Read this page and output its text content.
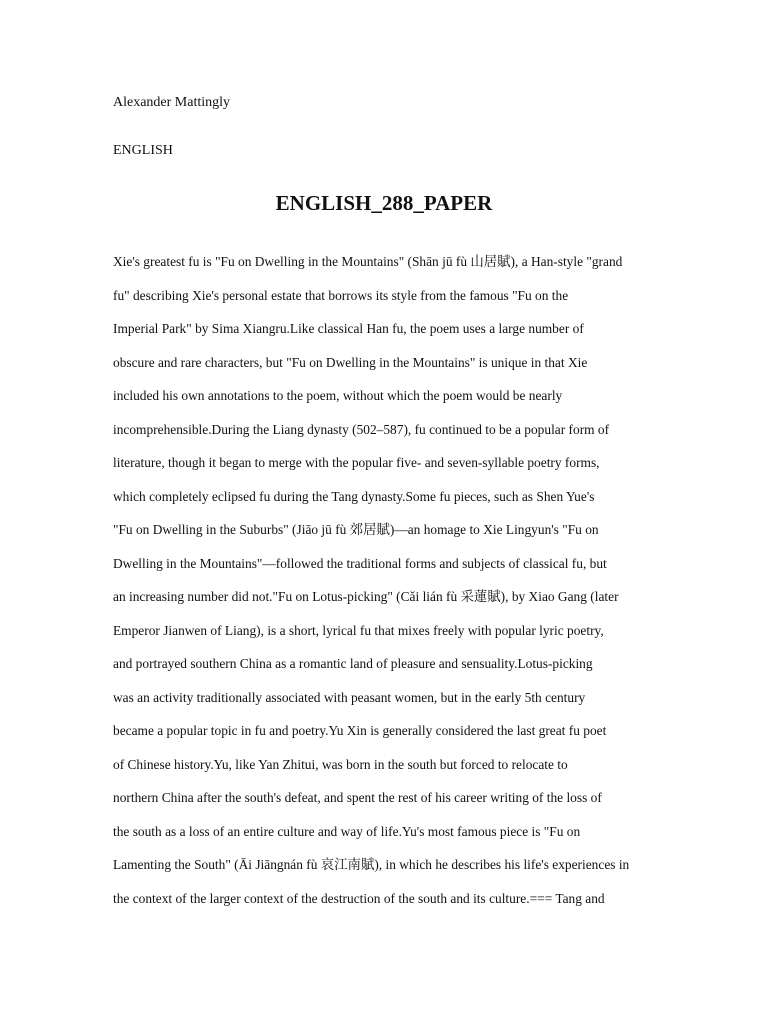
Alexander Mattingly
ENGLISH
ENGLISH_288_PAPER
Xie's greatest fu is "Fu on Dwelling in the Mountains" (Shān jū fù 山居賦), a Han-style "grand
fu" describing Xie's personal estate that borrows its style from the famous "Fu on the
Imperial Park" by Sima Xiangru.Like classical Han fu, the poem uses a large number of
obscure and rare characters, but "Fu on Dwelling in the Mountains" is unique in that Xie
included his own annotations to the poem, without which the poem would be nearly
incomprehensible.During the Liang dynasty (502–587), fu continued to be a popular form of
literature, though it began to merge with the popular five- and seven-syllable poetry forms,
which completely eclipsed fu during the Tang dynasty.Some fu pieces, such as Shen Yue's
"Fu on Dwelling in the Suburbs" (Jiāo jū fù 郊居賦)—an homage to Xie Lingyun's "Fu on
Dwelling in the Mountains"—followed the traditional forms and subjects of classical fu, but
an increasing number did not."Fu on Lotus-picking" (Cǎi lián fù 采蓮賦), by Xiao Gang (later
Emperor Jianwen of Liang), is a short, lyrical fu that mixes freely with popular lyric poetry,
and portrayed southern China as a romantic land of pleasure and sensuality.Lotus-picking
was an activity traditionally associated with peasant women, but in the early 5th century
became a popular topic in fu and poetry.Yu Xin is generally considered the last great fu poet
of Chinese history.Yu, like Yan Zhitui, was born in the south but forced to relocate to
northern China after the south's defeat, and spent the rest of his career writing of the loss of
the south as a loss of an entire culture and way of life.Yu's most famous piece is "Fu on
Lamenting the South" (Āi Jiāngnán fù 哀江南賦), in which he describes his life's experiences in
the context of the larger context of the destruction of the south and its culture.=== Tang and
